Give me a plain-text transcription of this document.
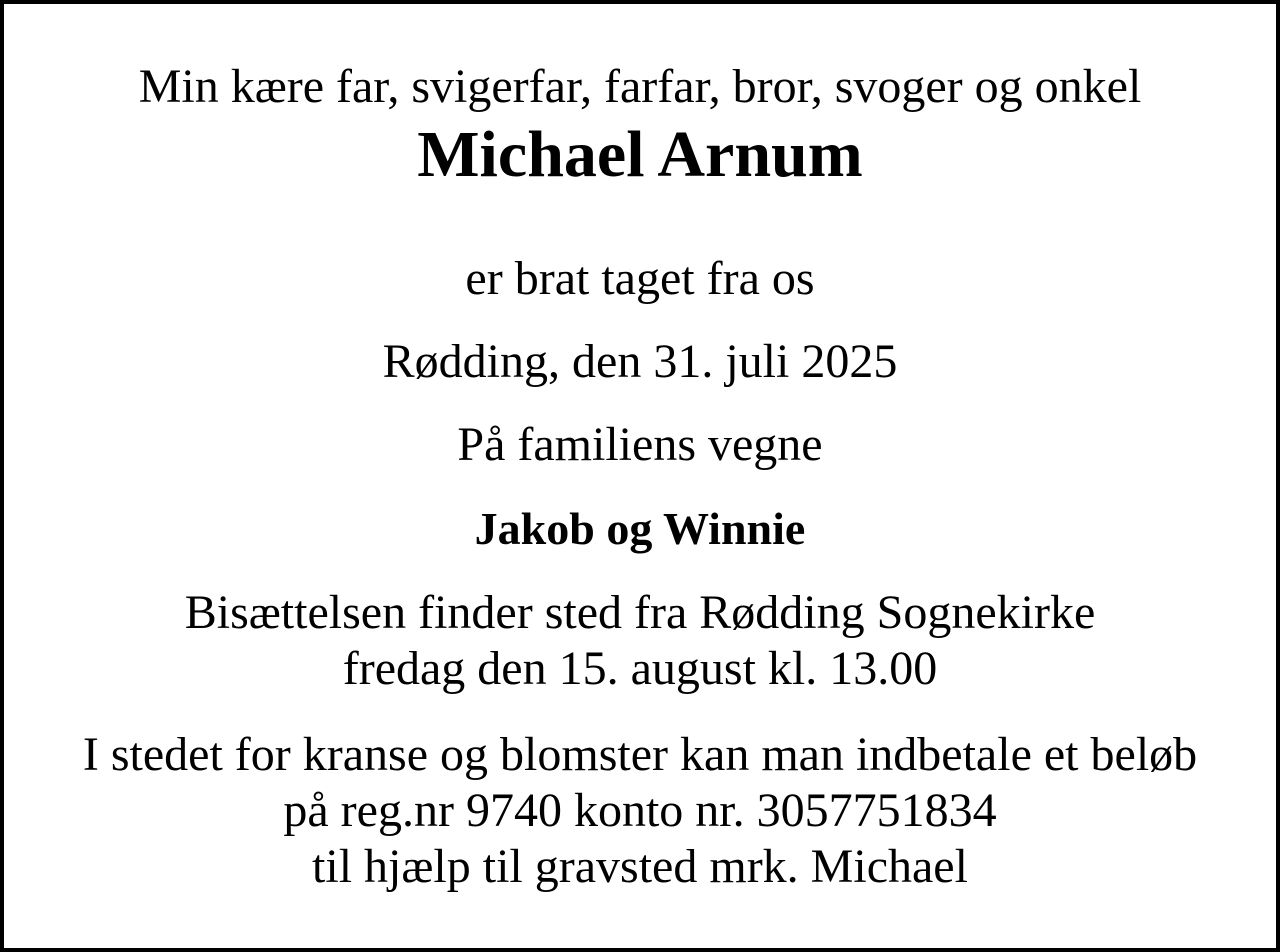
Min kære far, svigerfar, farfar, bror, svoger og onkel
Michael Arnum
er brat taget fra os
Rødding, den 31. juli 2025
På familiens vegne
Jakob og Winnie
Bisættelsen finder sted fra Rødding Sognekirke
fredag den 15. august kl. 13.00
I stedet for kranse og blomster kan man indbetale et beløb
på reg.nr 9740 konto nr. 3057751834
til hjælp til gravsted mrk. Michael
